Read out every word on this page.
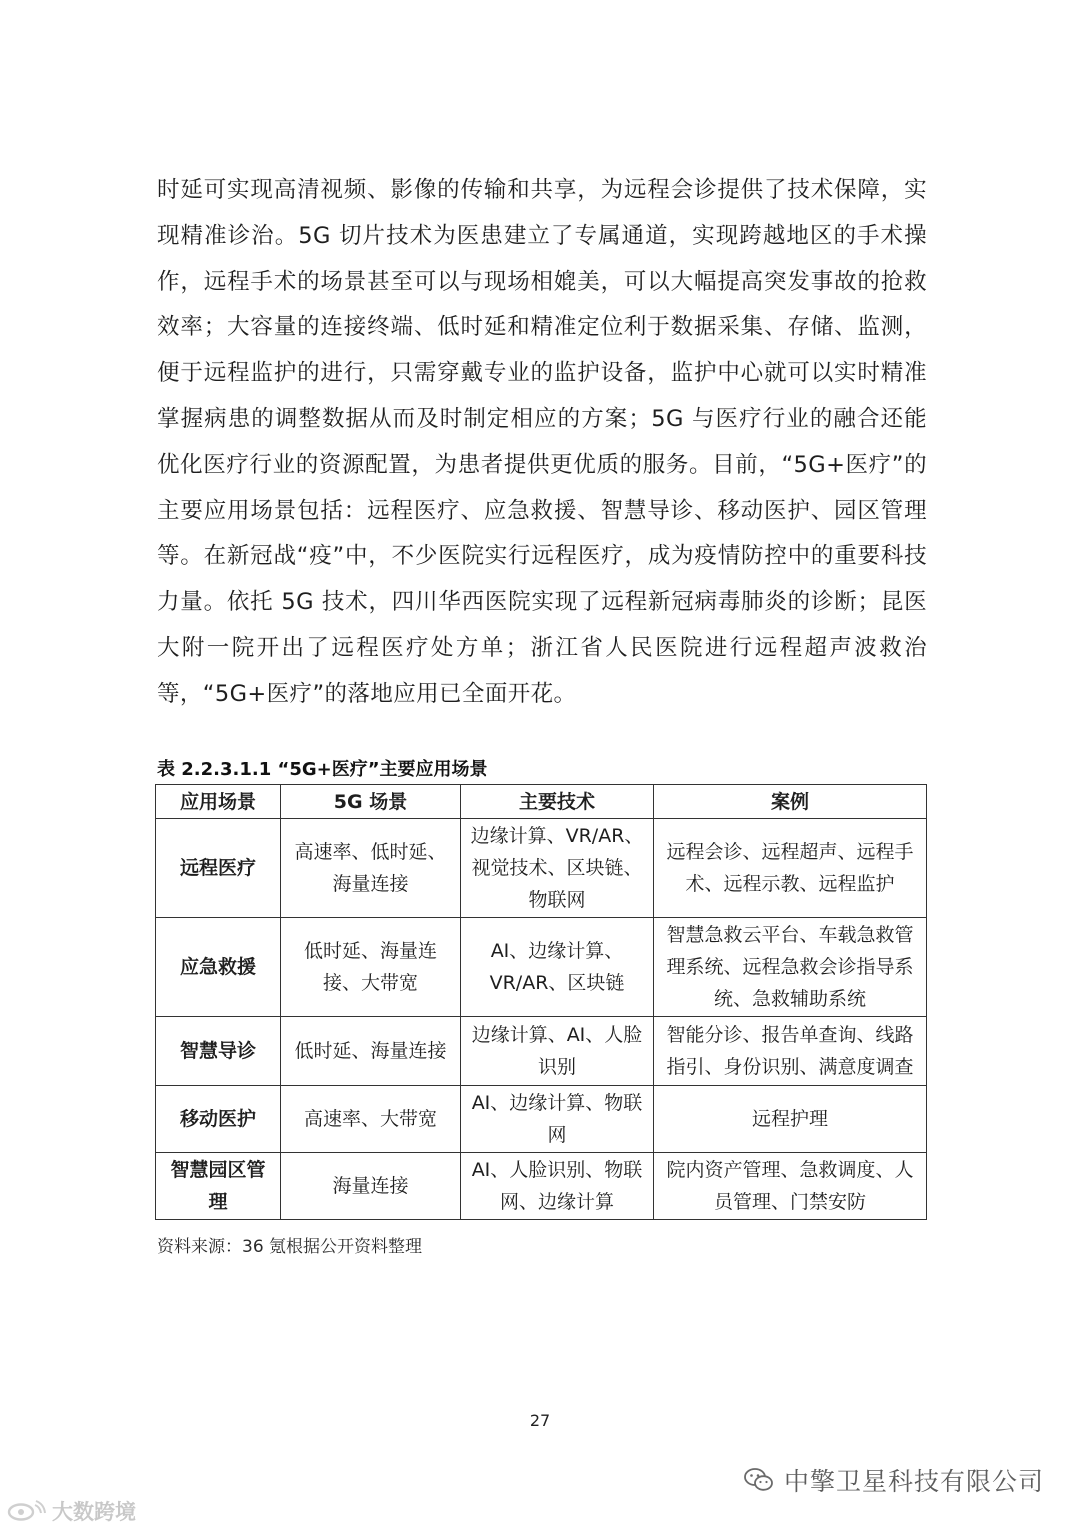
时延可实现高清视频、影像的传输和共享，为远程会诊提供了技术保障，实现精准诊治。5G 切片技术为医患建立了专属通道，实现跨越地区的手术操作，远程手术的场景甚至可以与现场相媲美，可以大幅提高突发事故的抢救效率；大容量的连接终端、低时延和精准定位利于数据采集、存储、监测，便于远程监护的进行，只需穿戴专业的监护设备，监护中心就可以实时精准掌握病患的调整数据从而及时制定相应的方案；5G 与医疗行业的融合还能优化医疗行业的资源配置，为患者提供更优质的服务。目前，“5G+医疗”的主要应用场景包括：远程医疗、应急救援、智慧导诊、移动医护、园区管理等。在新冠战“疫”中，不少医院实行远程医疗，成为疫情防控中的重要科技力量。依托 5G 技术，四川华西医院实现了远程新冠病毒肺炎的诊断；昆医大附一院开出了远程医疗处方单；浙江省人民医院进行远程超声波救治等，“5G+医疗”的落地应用已全面开花。

表 2.2.3.1.1 “5G+医疗”主要应用场景

应用场景	5G 场景	主要技术	案例
远程医疗	高速率、低时延、海量连接	边缘计算、VR/AR、视觉技术、区块链、物联网	远程会诊、远程超声、远程手术、远程示教、远程监护
应急救援	低时延、海量连接、大带宽	AI、边缘计算、VR/AR、区块链	智慧急救云平台、车载急救管理系统、远程急救会诊指导系统、急救辅助系统
智慧导诊	低时延、海量连接	边缘计算、AI、人脸识别	智能分诊、报告单查询、线路指引、身份识别、满意度调查
移动医护	高速率、大带宽	AI、边缘计算、物联网	远程护理
智慧园区管理	海量连接	AI、人脸识别、物联网、边缘计算	院内资产管理、急救调度、人员管理、门禁安防

资料来源：36 氪根据公开资料整理

27

中擎卫星科技有限公司
大数跨境
